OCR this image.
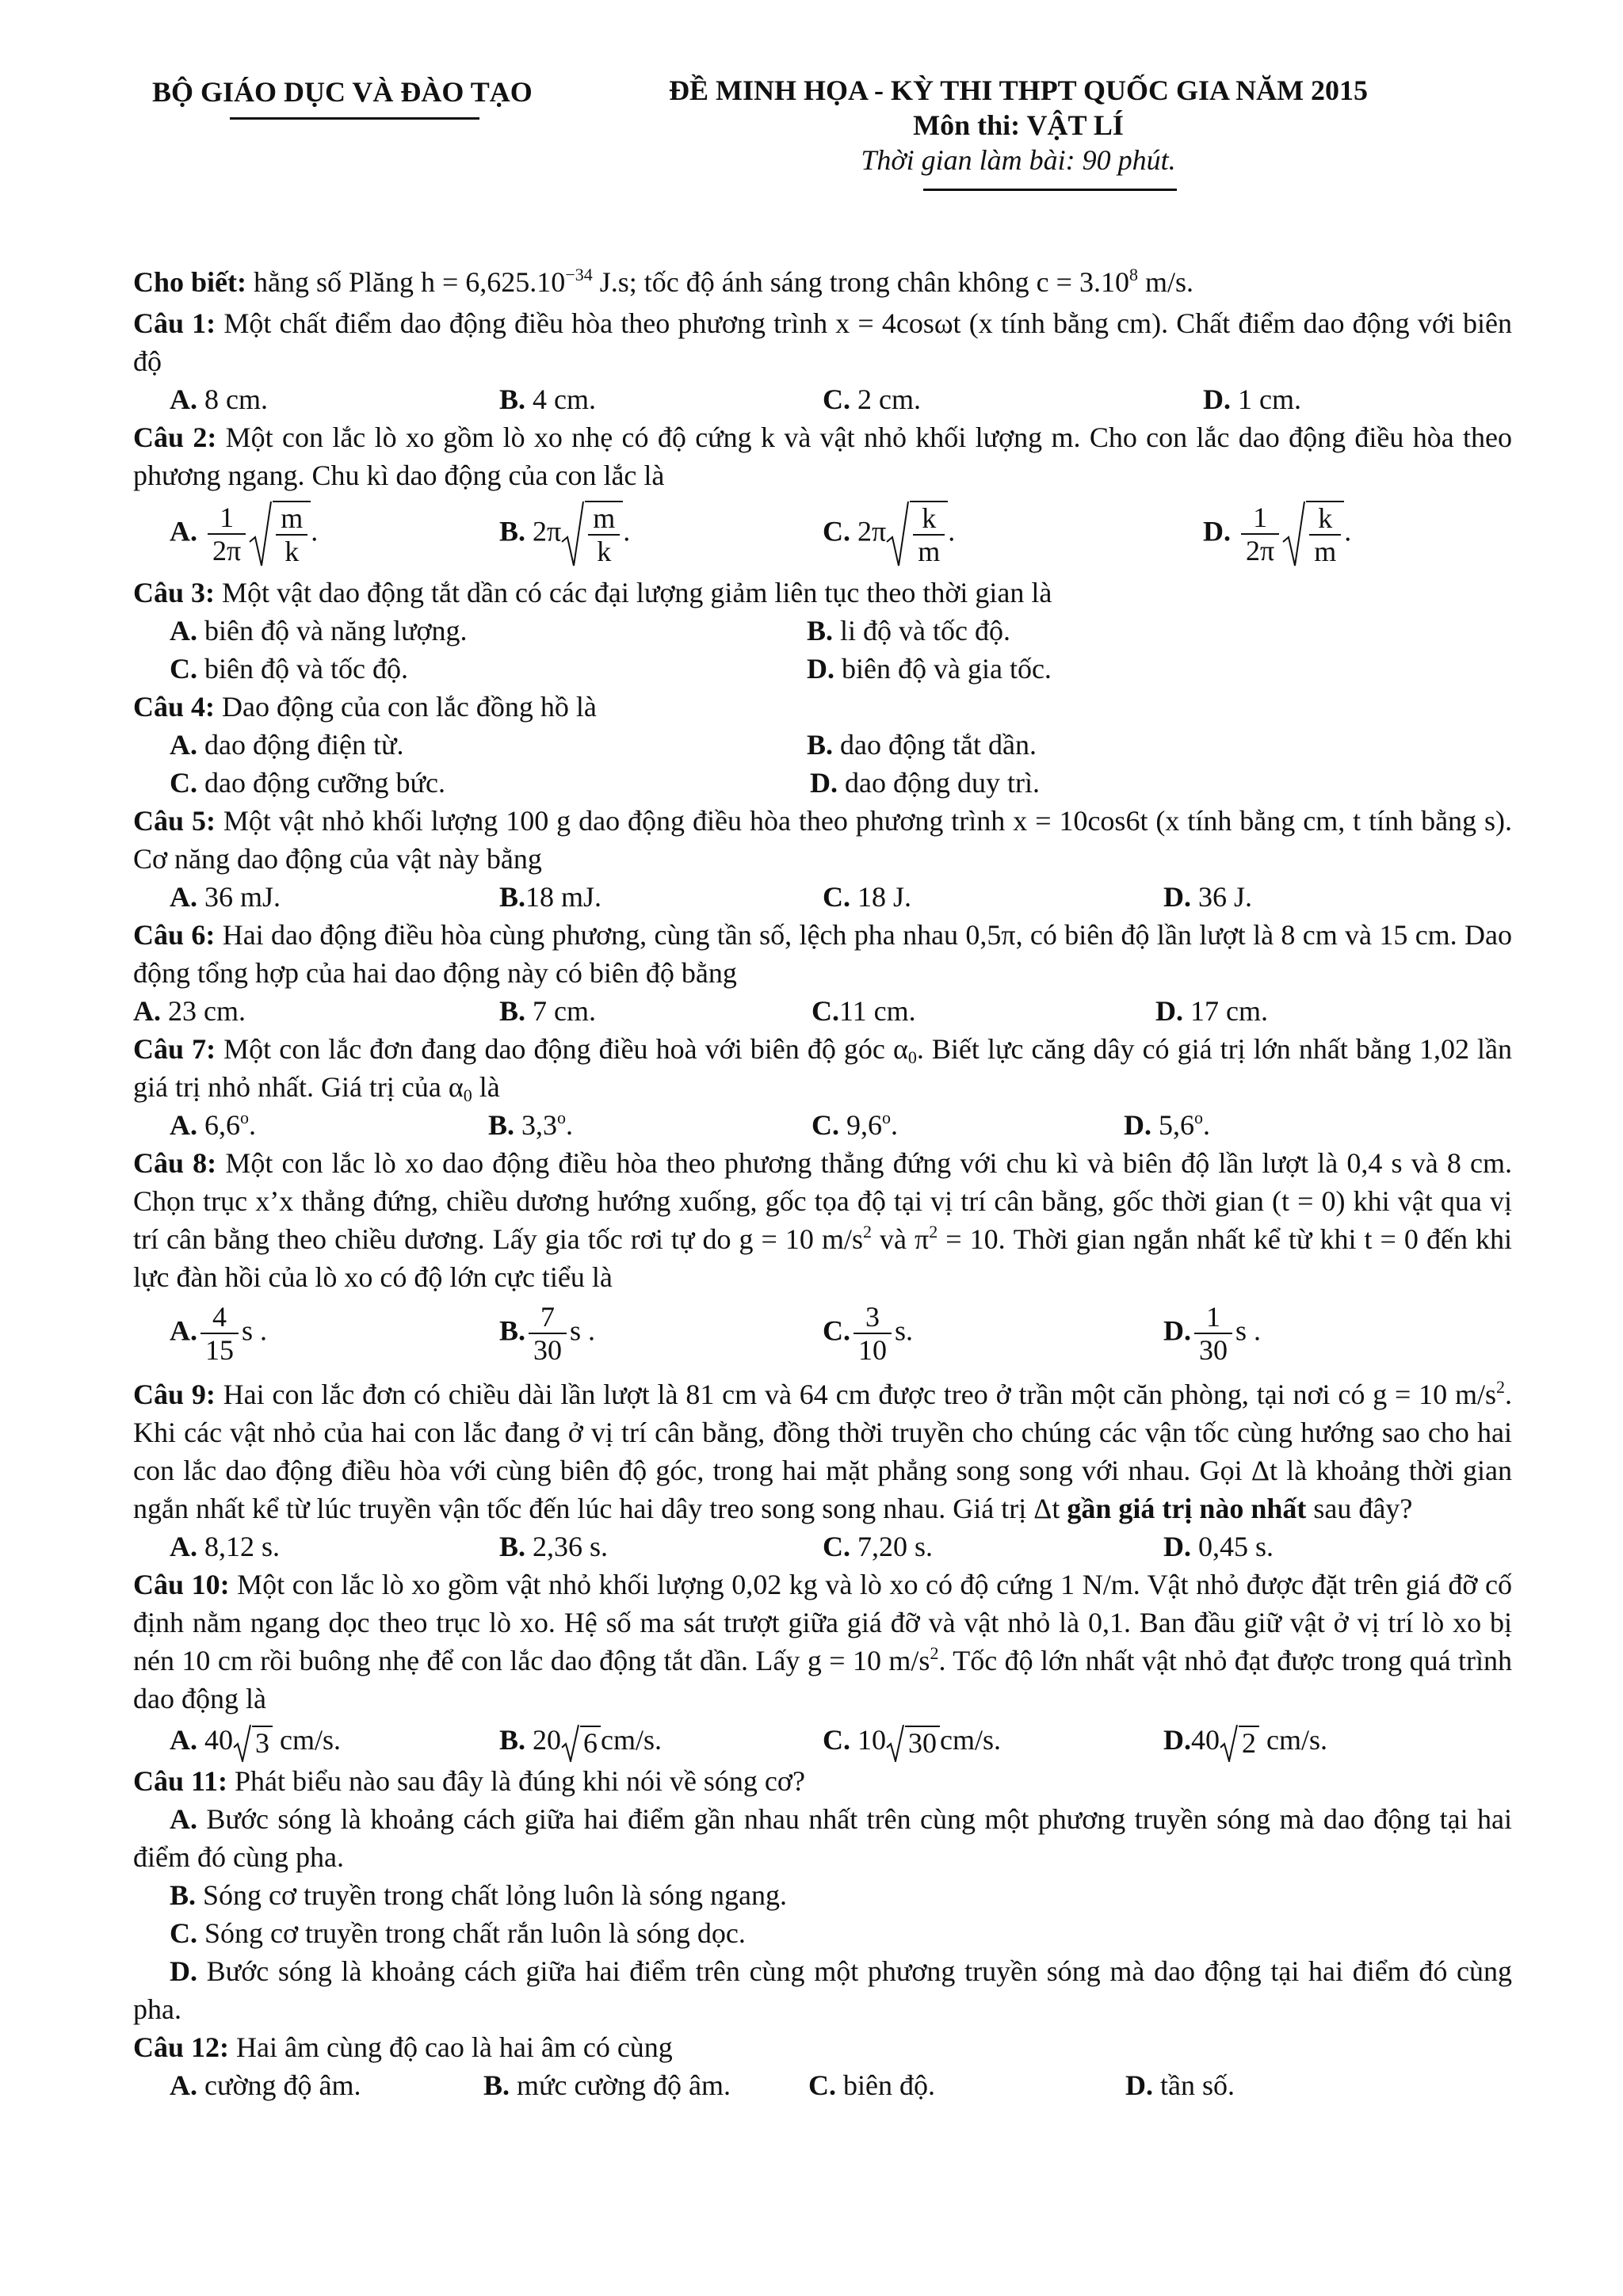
BỘ GIÁO DỤC VÀ ĐÀO TẠO	ĐỀ MINH HỌA - KỲ THI THPT QUỐC GIA NĂM 2015
Môn thi: VẬT LÍ
Thời gian làm bài: 90 phút.

Cho biết: hằng số Plăng $h = 6,625.10^{-34}$ J.s; tốc độ ánh sáng trong chân không $c = 3.10^8$ m/s.

Câu 1: Một chất điểm dao động điều hòa theo phương trình x = 4cosωt (x tính bằng cm). Chất điểm dao động với biên độ

A. 8 cm.	B. 4 cm.	C. 2 cm.	D. 1 cm.

Câu 2: Một con lắc lò xo gồm lò xo nhẹ có độ cứng k và vật nhỏ khối lượng m. Cho con lắc dao động điều hòa theo phương ngang. Chu kì dao động của con lắc là

A. $\frac{1}{2\pi} \frac{m}{k}$ .	B. $2\pi \frac{m}{k}$ .	C. $2\pi \frac{k}{m}$ .	D. $\frac{1}{2\pi} \frac{k}{m}$ .

Câu 3: Một vật dao động tắt dần có các đại lượng giảm liên tục theo thời gian là

A. biên độ và năng lượng.	B. li độ và tốc độ.
C. biên độ và tốc độ.	D. biên độ và gia tốc.

Câu 4: Dao động của con lắc đồng hồ là

A. dao động điện từ.	B. dao động tắt dần.
C. dao động cưỡng bức.	D. dao động duy trì.

Câu 5: Một vật nhỏ khối lượng 100 g dao động điều hòa theo phương trình x = 10cos6t (x tính bằng cm, t tính bằng s). Cơ năng dao động của vật này bằng

A. 36 mJ.	B.18 mJ.	C. 18 J.	D. 36 J.

Câu 6: Hai dao động điều hòa cùng phương, cùng tần số, lệch pha nhau 0,5π, có biên độ lần lượt là 8 cm và 15 cm. Dao động tổng hợp của hai dao động này có biên độ bằng

A. 23 cm.	B. 7 cm.	C.11 cm.	D. 17 cm.

Câu 7: Một con lắc đơn đang dao động điều hoà với biên độ góc $\alpha_0$. Biết lực căng dây có giá trị lớn nhất bằng 1,02 lần giá trị nhỏ nhất. Giá trị của $\alpha_0$ là

A. 6,6$^o$.	B. 3,3$^o$.	C. 9,6$^o$.	D. 5,6$^o$.

Câu 8: Một con lắc lò xo dao động điều hòa theo phương thẳng đứng với chu kì và biên độ lần lượt là 0,4 s và 8 cm. Chọn trục x’x thẳng đứng, chiều dương hướng xuống, gốc tọa độ tại vị trí cân bằng, gốc thời gian (t = 0) khi vật qua vị trí cân bằng theo chiều dương. Lấy gia tốc rơi tự do g = 10 $m/s^2$ và $\pi^2 = 10$. Thời gian ngắn nhất kể từ khi t = 0 đến khi lực đàn hồi của lò xo có độ lớn cực tiểu là

A. $\frac{4}{15}$ s .	B. $\frac{7}{30}$ s .	C. $\frac{3}{10} s$.	D. $\frac{1}{30}$ s .

Câu 9: Hai con lắc đơn có chiều dài lần lượt là 81 cm và 64 cm được treo ở trần một căn phòng, tại nơi có g = 10 $m/s^2$. Khi các vật nhỏ của hai con lắc đang ở vị trí cân bằng, đồng thời truyền cho chúng các vận tốc cùng hướng sao cho hai con lắc dao động điều hòa với cùng biên độ góc, trong hai mặt phẳng song song với nhau. Gọi Δt là khoảng thời gian ngắn nhất kể từ lúc truyền vận tốc đến lúc hai dây treo song song nhau. Giá trị Δt gần giá trị nào nhất sau đây?

A. 8,12 s.	B. 2,36 s.	C. 7,20 s.	D. 0,45 s.

Câu 10: Một con lắc lò xo gồm vật nhỏ khối lượng 0,02 kg và lò xo có độ cứng 1 N/m. Vật nhỏ được đặt trên giá đỡ cố định nằm ngang dọc theo trục lò xo. Hệ số ma sát trượt giữa giá đỡ và vật nhỏ là 0,1. Ban đầu giữ vật ở vị trí lò xo bị nén 10 cm rồi buông nhẹ để con lắc dao động tắt dần. Lấy g = 10 $m/s^2$. Tốc độ lớn nhất vật nhỏ đạt được trong quá trình dao động là

A. 40 3 cm/s.	B. 20 6 cm/s.	C. 10 30 cm/s.	D.40 2 cm/s.

Câu 11: Phát biểu nào sau đây là đúng khi nói về sóng cơ?

A. Bước sóng là khoảng cách giữa hai điểm gần nhau nhất trên cùng một phương truyền sóng mà dao động tại hai điểm đó cùng pha.

B. Sóng cơ truyền trong chất lỏng luôn là sóng ngang.

C. Sóng cơ truyền trong chất rắn luôn là sóng dọc.

D. Bước sóng là khoảng cách giữa hai điểm trên cùng một phương truyền sóng mà dao động tại hai điểm đó cùng pha.

Câu 12: Hai âm cùng độ cao là hai âm có cùng

A. cường độ âm.	B. mức cường độ âm.	C. biên độ.	D. tần số.
